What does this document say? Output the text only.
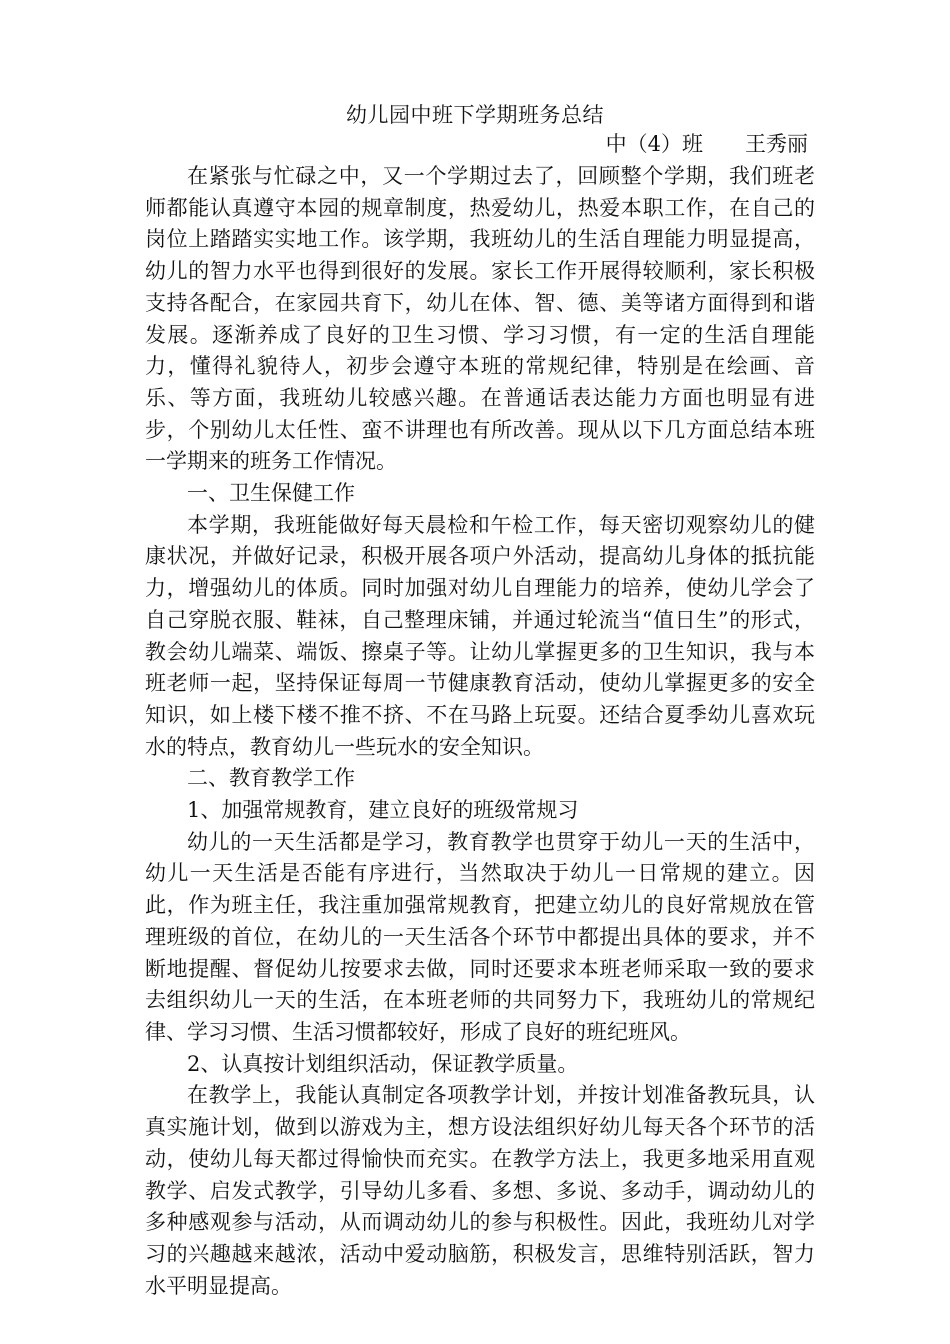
幼儿园中班下学期班务总结
中（4）班　　王秀丽

在紧张与忙碌之中，又一个学期过去了，回顾整个学期，我们班老师都能认真遵守本园的规章制度，热爱幼儿，热爱本职工作，在自己的岗位上踏踏实实地工作。该学期，我班幼儿的生活自理能力明显提高，幼儿的智力水平也得到很好的发展。家长工作开展得较顺利，家长积极支持各配合，在家园共育下，幼儿在体、智、德、美等诸方面得到和谐发展。逐渐养成了良好的卫生习惯、学习习惯，有一定的生活自理能力，懂得礼貌待人，初步会遵守本班的常规纪律，特别是在绘画、音乐、等方面，我班幼儿较感兴趣。在普通话表达能力方面也明显有进步，个别幼儿太任性、蛮不讲理也有所改善。现从以下几方面总结本班一学期来的班务工作情况。

一、卫生保健工作

本学期，我班能做好每天晨检和午检工作，每天密切观察幼儿的健康状况，并做好记录，积极开展各项户外活动，提高幼儿身体的抵抗能力，增强幼儿的体质。同时加强对幼儿自理能力的培养，使幼儿学会了自己穿脱衣服、鞋袜，自己整理床铺，并通过轮流当“值日生”的形式，教会幼儿端菜、端饭、擦桌子等。让幼儿掌握更多的卫生知识，我与本班老师一起，坚持保证每周一节健康教育活动，使幼儿掌握更多的安全知识，如上楼下楼不推不挤、不在马路上玩耍。还结合夏季幼儿喜欢玩水的特点，教育幼儿一些玩水的安全知识。

二、教育教学工作

1、加强常规教育，建立良好的班级常规习

幼儿的一天生活都是学习，教育教学也贯穿于幼儿一天的生活中，幼儿一天生活是否能有序进行，当然取决于幼儿一日常规的建立。因此，作为班主任，我注重加强常规教育，把建立幼儿的良好常规放在管理班级的首位，在幼儿的一天生活各个环节中都提出具体的要求，并不断地提醒、督促幼儿按要求去做，同时还要求本班老师采取一致的要求去组织幼儿一天的生活，在本班老师的共同努力下，我班幼儿的常规纪律、学习习惯、生活习惯都较好，形成了良好的班纪班风。

2、认真按计划组织活动，保证教学质量。

在教学上，我能认真制定各项教学计划，并按计划准备教玩具，认真实施计划，做到以游戏为主，想方设法组织好幼儿每天各个环节的活动，使幼儿每天都过得愉快而充实。在教学方法上，我更多地采用直观教学、启发式教学，引导幼儿多看、多想、多说、多动手，调动幼儿的多种感观参与活动，从而调动幼儿的参与积极性。因此，我班幼儿对学习的兴趣越来越浓，活动中爱动脑筋，积极发言，思维特别活跃，智力水平明显提高。
